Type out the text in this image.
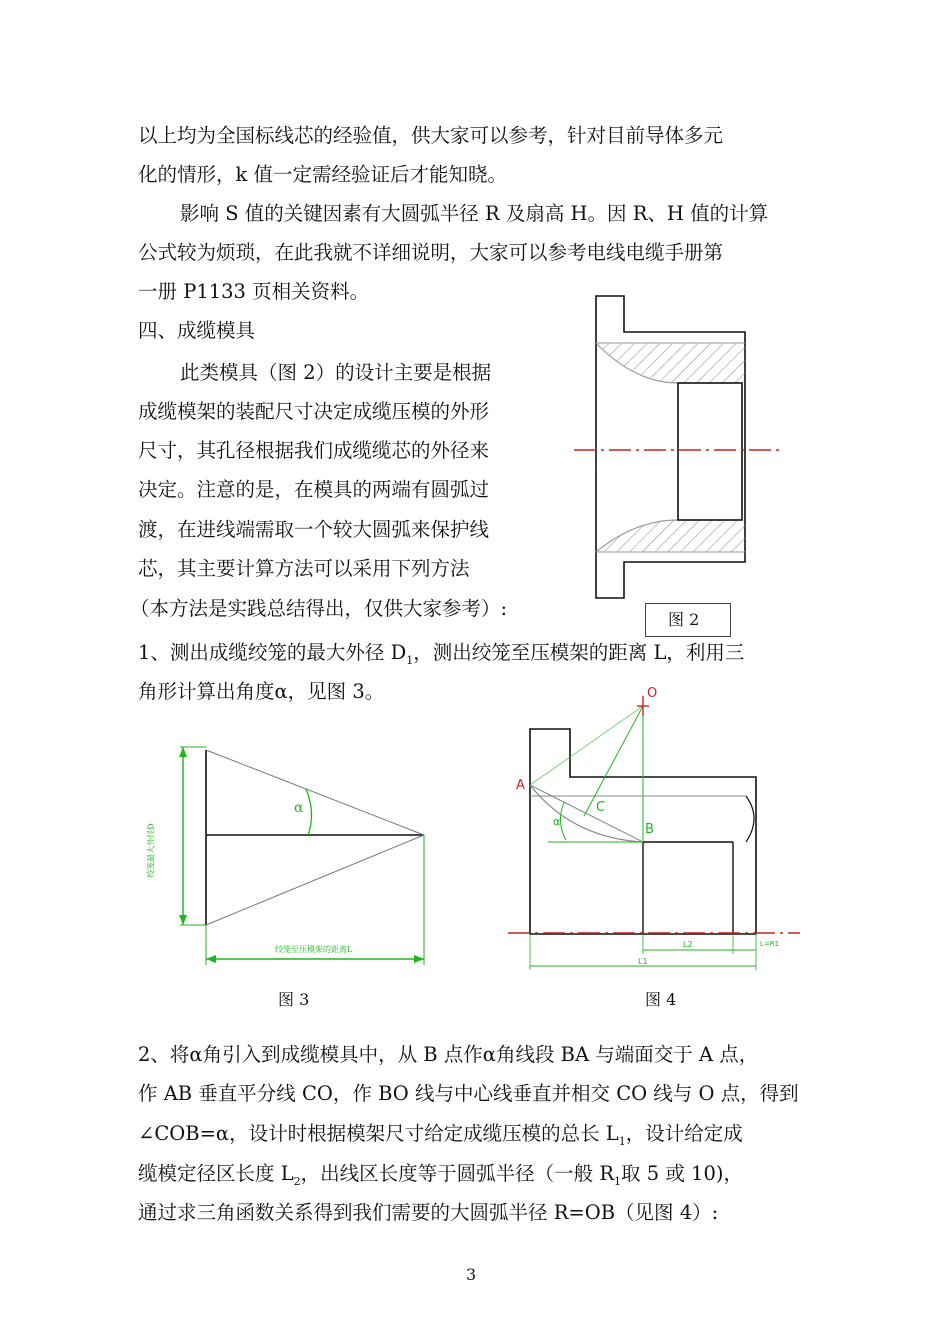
以上均为全国标线芯的经验值，供大家可以参考，针对目前导体多元
化的情形，k 值一定需经验证后才能知晓。
影响 S 值的关键因素有大圆弧半径 R 及扇高 H。因 R、H 值的计算
公式较为烦琐，在此我就不详细说明，大家可以参考电线电缆手册第
一册 P1133 页相关资料。
四、成缆模具
此类模具（图 2）的设计主要是根据
成缆模架的装配尺寸决定成缆压模的外形
尺寸，其孔径根据我们成缆缆芯的外径来
决定。注意的是，在模具的两端有圆弧过
渡，在进线端需取一个较大圆弧来保护线
芯，其主要计算方法可以采用下列方法
（本方法是实践总结得出，仅供大家参考）:
1、测出成缆绞笼的最大外径 $D_1$，测出绞笼至压模架的距离 L，利用三
角形计算出角度α，见图 3。
图 2
α
绞笼最大外径D
绞笼至压模架的距离L
图 3
O
A
C
B
α
L2	L=R1
L1
图 4
2、将α角引入到成缆模具中，从 B 点作α角线段 BA 与端面交于 A 点，
作 AB 垂直平分线 CO，作 BO 线与中心线垂直并相交 CO 线与 O 点，得到
∠COB=α，设计时根据模架尺寸给定成缆压模的总长 $L_1$，设计给定成
缆模定径区长度 $L_2$，出线区长度等于圆弧半径（一般 $R_1$取 5 或 10)，
通过求三角函数关系得到我们需要的大圆弧半径 R=OB（见图 4）:
3
